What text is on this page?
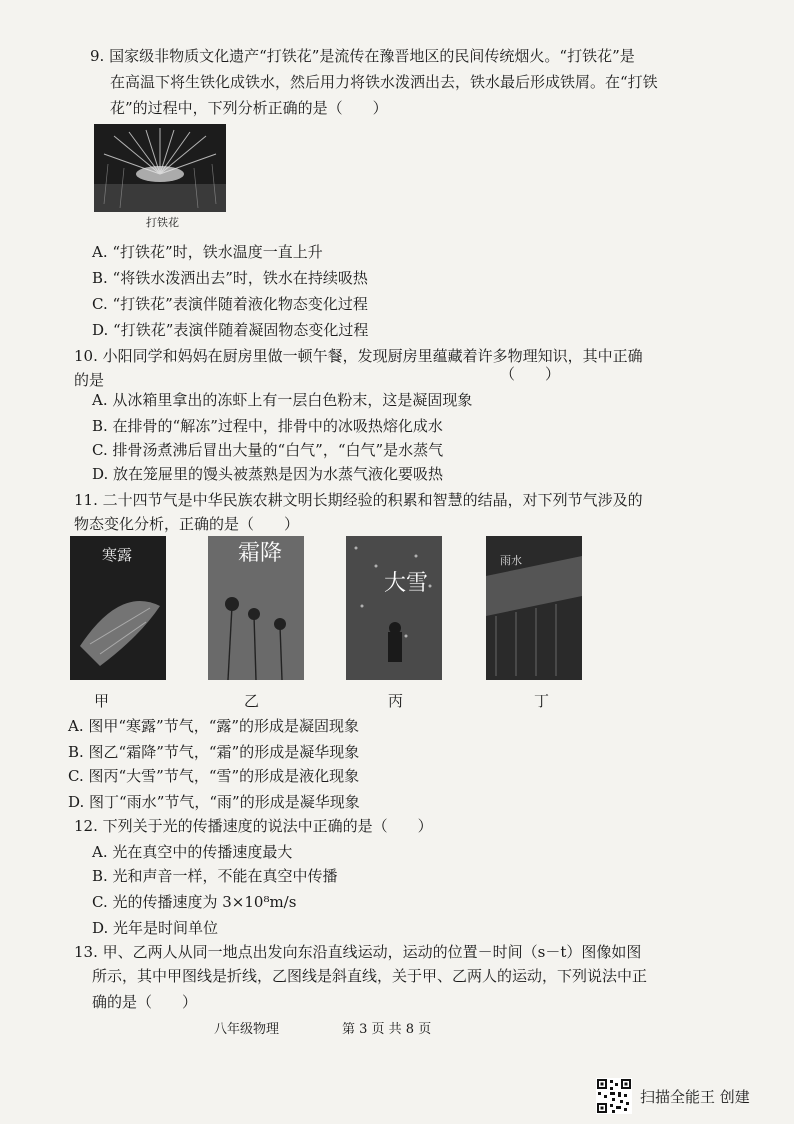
9. 国家级非物质文化遗产“打铁花”是流传在豫晋地区的民间传统烟火。“打铁花”是
在高温下将生铁化成铁水，然后用力将铁水泼洒出去，铁水最后形成铁屑。在“打铁
花”的过程中，下列分析正确的是（　　）
打铁花
A. “打铁花”时，铁水温度一直上升
B. “将铁水泼洒出去”时，铁水在持续吸热
C. “打铁花”表演伴随着液化物态变化过程
D. “打铁花”表演伴随着凝固物态变化过程
10. 小阳同学和妈妈在厨房里做一顿午餐，发现厨房里蕴藏着许多物理知识，其中正确
的是	（　　）
A. 从冰箱里拿出的冻虾上有一层白色粉末，这是凝固现象
B. 在排骨的“解冻”过程中，排骨中的冰吸热熔化成水
C. 排骨汤煮沸后冒出大量的“白气”，“白气”是水蒸气
D. 放在笼屉里的馒头被蒸熟是因为水蒸气液化要吸热
11. 二十四节气是中华民族农耕文明长期经验的积累和智慧的结晶，对下列节气涉及的
物态变化分析，正确的是（　　）
寒露	霜降
大雪
雨水
甲	乙	丙	丁
A. 图甲“寒露”节气，“露”的形成是凝固现象
B. 图乙“霜降”节气，“霜”的形成是凝华现象
C. 图丙“大雪”节气，“雪”的形成是液化现象
D. 图丁“雨水”节气，“雨”的形成是凝华现象
12. 下列关于光的传播速度的说法中正确的是（　　）
A. 光在真空中的传播速度最大
B. 光和声音一样，不能在真空中传播
C. 光的传播速度为 3×10⁸m/s
D. 光年是时间单位
13. 甲、乙两人从同一地点出发向东沿直线运动，运动的位置－时间（s－t）图像如图
所示，其中甲图线是折线，乙图线是斜直线，关于甲、乙两人的运动，下列说法中正
确的是（　　）
八年级物理	第 3 页 共 8 页
扫描全能王 创建
